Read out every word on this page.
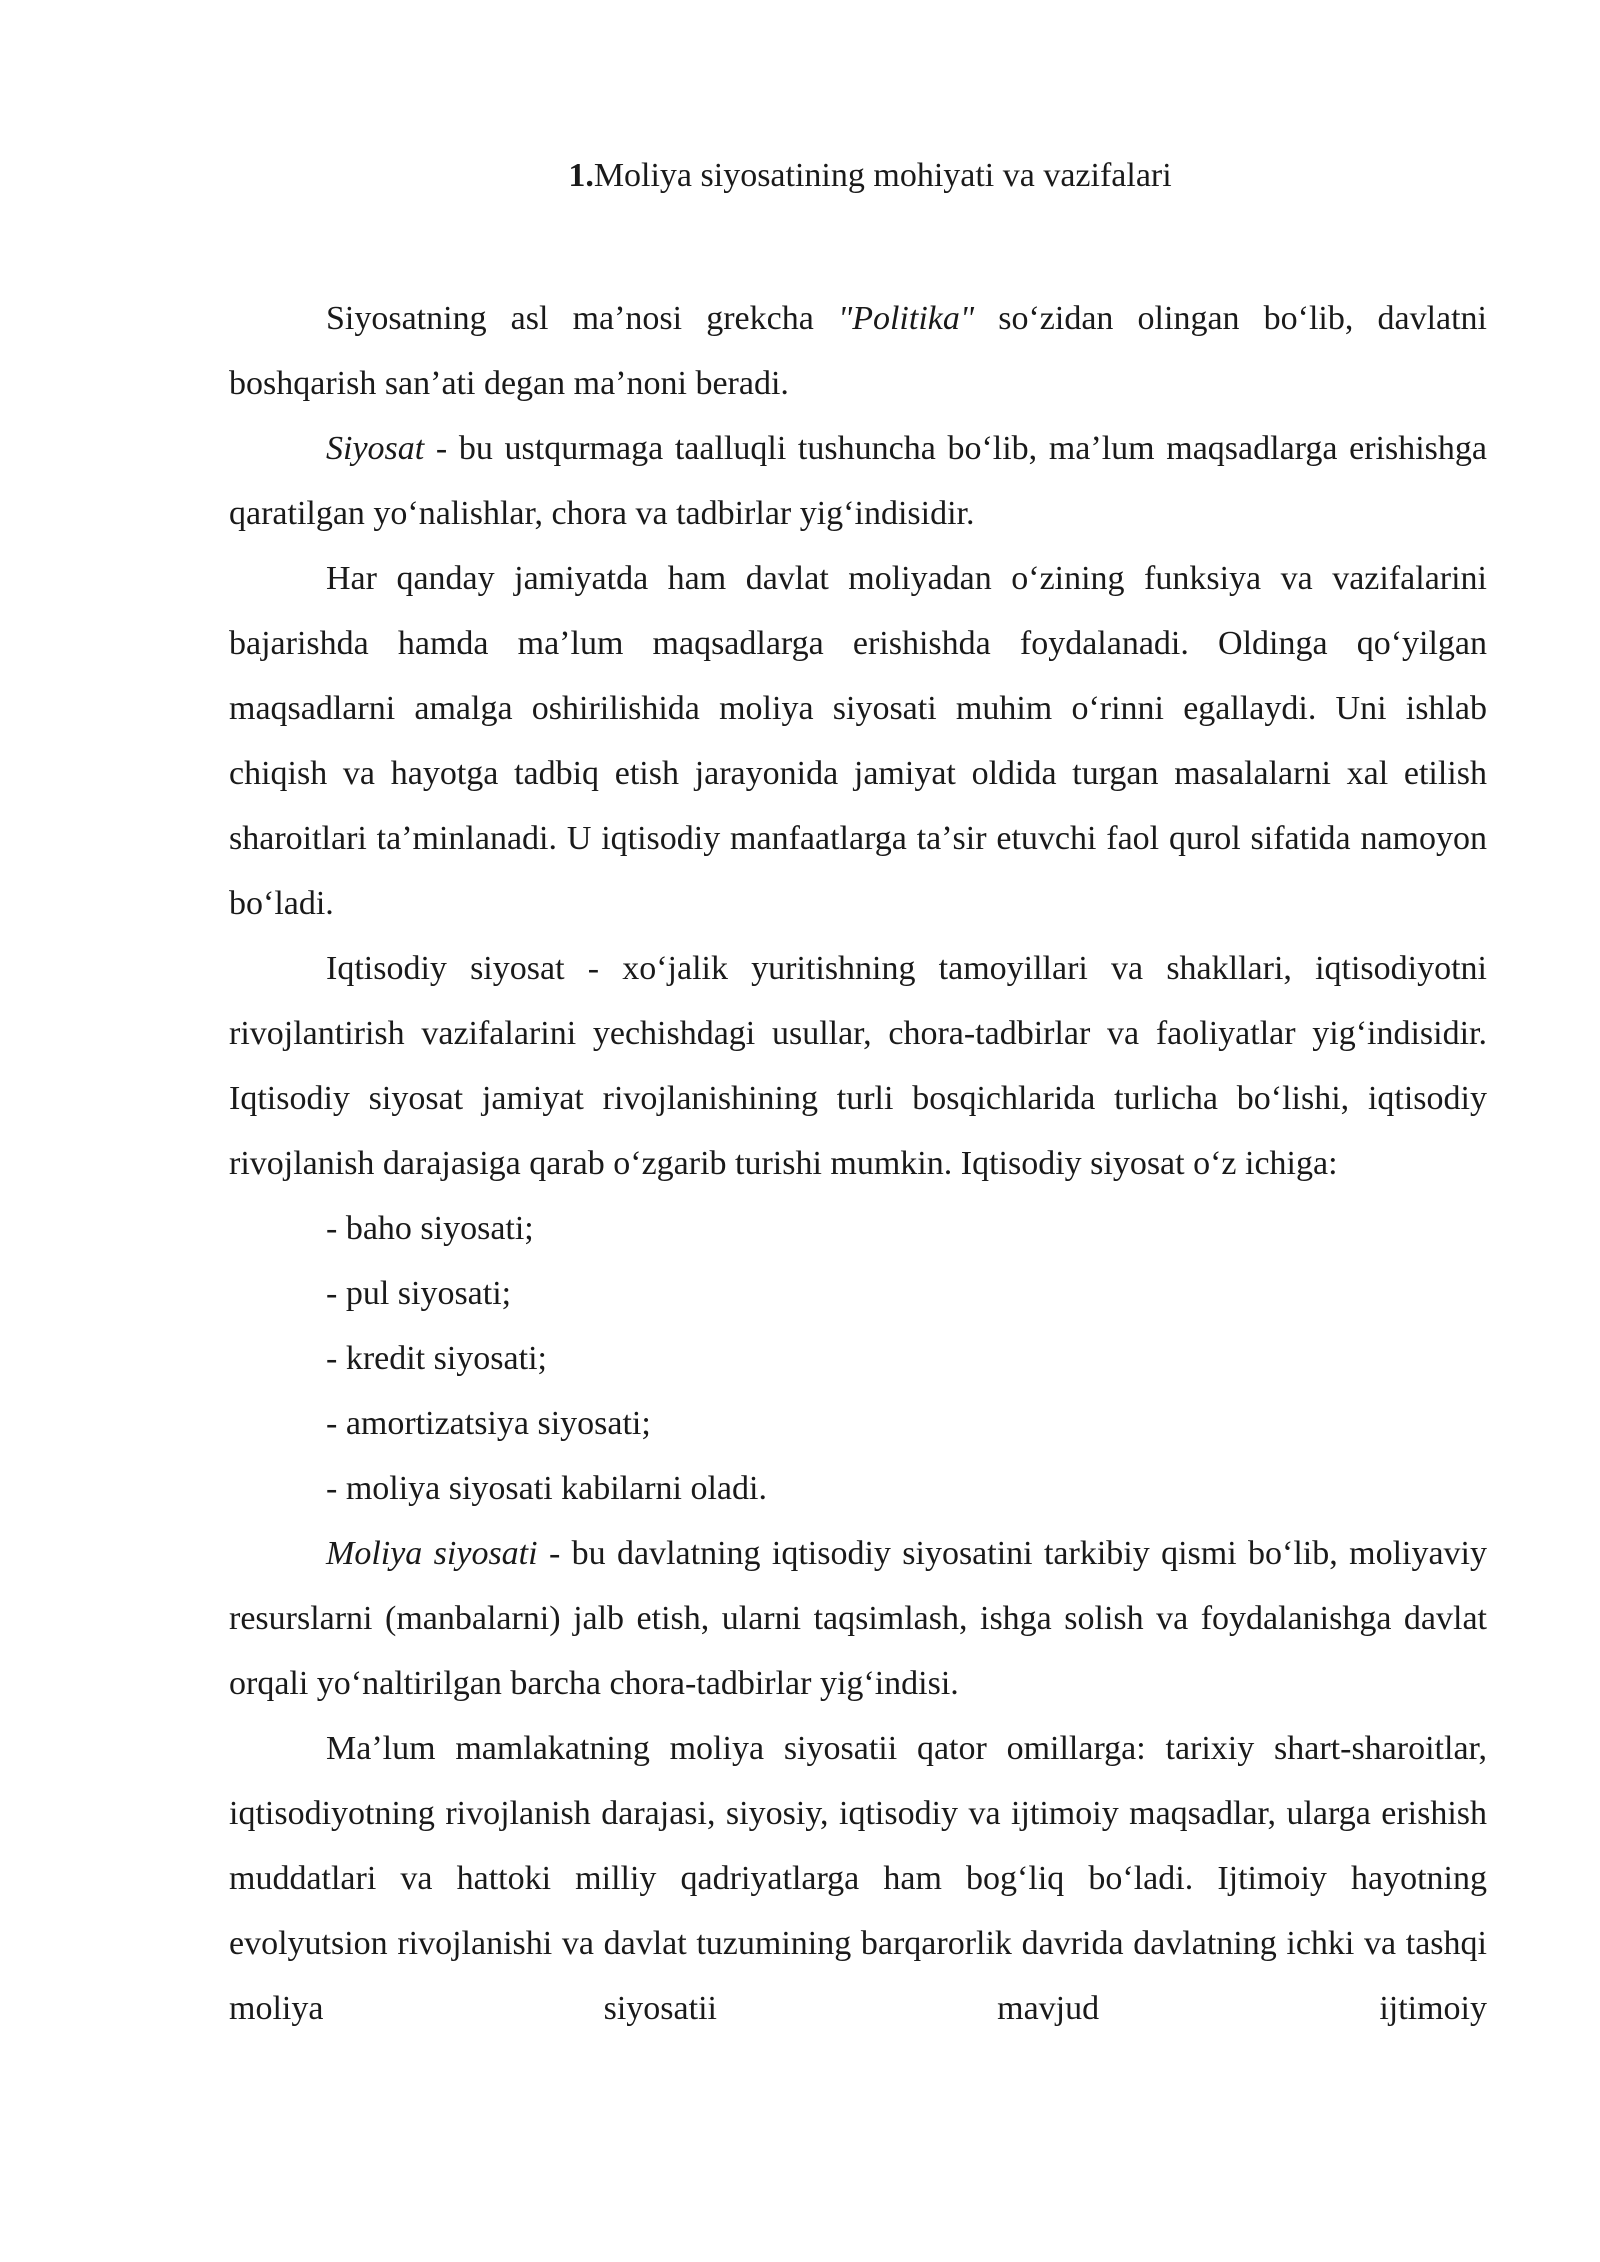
1.Moliya siyosatining mohiyati va vazifalari

Siyosatning asl maʼnosi grekcha "Politika" soʻzidan olingan boʻlib, davlatni boshqarish sanʼati degan maʼnoni beradi.

Siyosat - bu ustqurmaga taalluqli tushuncha boʻlib, maʼlum maqsadlarga erishishga qaratilgan yoʻnalishlar, chora va tadbirlar yigʻindisidir.

Har qanday jamiyatda ham davlat moliyadan oʻzining funksiya va vazifalarini bajarishda hamda maʼlum maqsadlarga erishishda foydalanadi. Oldinga qoʻyilgan maqsadlarni amalga oshirilishida moliya siyosati muhim oʻrinni egallaydi. Uni ishlab chiqish va hayotga tadbiq etish jarayonida jamiyat oldida turgan masalalarni xal etilish sharoitlari taʼminlanadi. U iqtisodiy manfaatlarga taʼsir etuvchi faol qurol sifatida namoyon boʻladi.

Iqtisodiy siyosat - xoʻjalik yuritishning tamoyillari va shakllari, iqtisodiyotni rivojlantirish vazifalarini yechishdagi usullar, chora-tadbirlar va faoliyatlar yigʻindisidir. Iqtisodiy siyosat jamiyat rivojlanishining turli bosqichlarida turlicha boʻlishi, iqtisodiy rivojlanish darajasiga qarab oʻzgarib turishi mumkin. Iqtisodiy siyosat oʻz ichiga:

- baho siyosati;

- pul siyosati;

- kredit siyosati;

- amortizatsiya siyosati;

- moliya siyosati kabilarni oladi.

Moliya siyosati - bu davlatning iqtisodiy siyosatini tarkibiy qismi boʻlib, moliyaviy resurslarni (manbalarni) jalb etish, ularni taqsimlash, ishga solish va foydalanishga davlat orqali yoʻnaltirilgan barcha chora-tadbirlar yigʻindisi.

Maʼlum mamlakatning moliya siyosatii qator omillarga: tarixiy shart-sharoitlar, iqtisodiyotning rivojlanish darajasi, siyosiy, iqtisodiy va ijtimoiy maqsadlar, ularga erishish muddatlari va hattoki milliy qadriyatlarga ham bogʻliq boʻladi. Ijtimoiy hayotning evolyutsion rivojlanishi va davlat tuzumining barqarorlik davrida davlatning ichki va tashqi moliya siyosatii mavjud ijtimoiy
